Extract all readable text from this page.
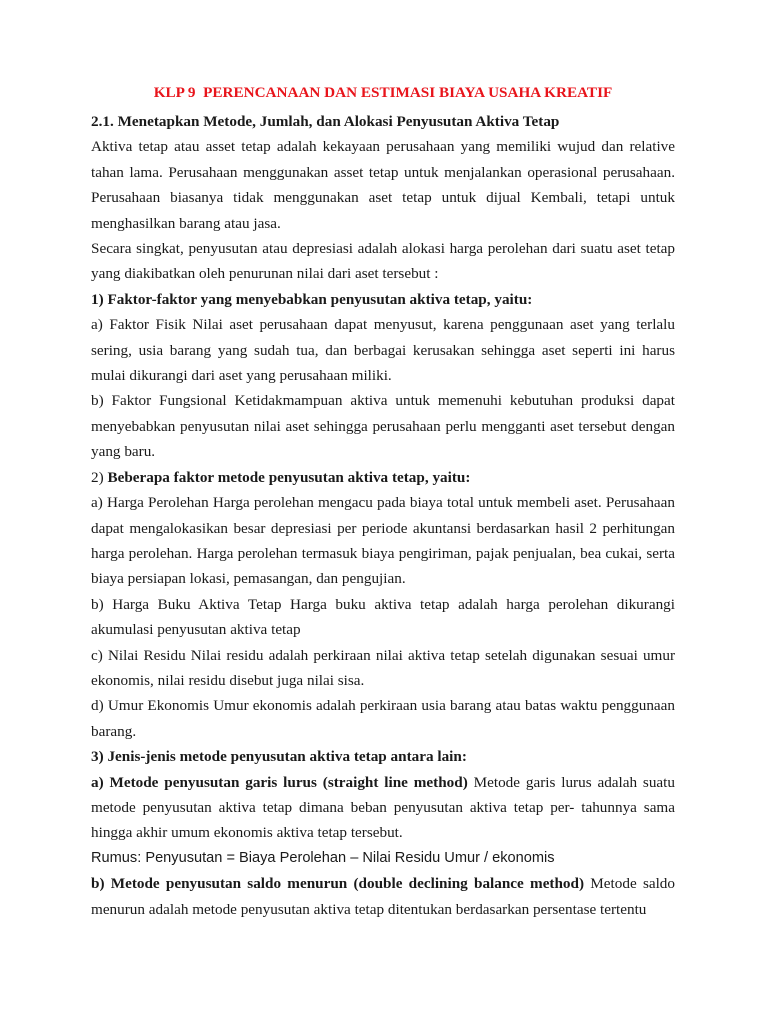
KLP 9  PERENCANAAN DAN ESTIMASI BIAYA USAHA KREATIF

2.1. Menetapkan Metode, Jumlah, dan Alokasi Penyusutan Aktiva Tetap

Aktiva tetap atau asset tetap adalah kekayaan perusahaan yang memiliki wujud dan relative tahan lama. Perusahaan menggunakan asset tetap untuk menjalankan operasional perusahaan. Perusahaan biasanya tidak menggunakan aset tetap untuk dijual Kembali, tetapi untuk menghasilkan barang atau jasa.

Secara singkat, penyusutan atau depresiasi adalah alokasi harga perolehan dari suatu aset tetap yang diakibatkan oleh penurunan nilai dari aset tersebut :

1) Faktor-faktor yang menyebabkan penyusutan aktiva tetap, yaitu:

a) Faktor Fisik Nilai aset perusahaan dapat menyusut, karena penggunaan aset yang terlalu sering, usia barang yang sudah tua, dan berbagai kerusakan sehingga aset seperti ini harus mulai dikurangi dari aset yang perusahaan miliki.

b) Faktor Fungsional Ketidakmampuan aktiva untuk memenuhi kebutuhan produksi dapat menyebabkan penyusutan nilai aset sehingga perusahaan perlu mengganti aset tersebut dengan yang baru.

2) Beberapa faktor metode penyusutan aktiva tetap, yaitu:

a) Harga Perolehan Harga perolehan mengacu pada biaya total untuk membeli aset. Perusahaan dapat mengalokasikan besar depresiasi per periode akuntansi berdasarkan hasil 2 perhitungan harga perolehan. Harga perolehan termasuk biaya pengiriman, pajak penjualan, bea cukai, serta biaya persiapan lokasi, pemasangan, dan pengujian.

b) Harga Buku Aktiva Tetap Harga buku aktiva tetap adalah harga perolehan dikurangi akumulasi penyusutan aktiva tetap

c) Nilai Residu Nilai residu adalah perkiraan nilai aktiva tetap setelah digunakan sesuai umur ekonomis, nilai residu disebut juga nilai sisa.

d) Umur Ekonomis Umur ekonomis adalah perkiraan usia barang atau batas waktu penggunaan barang.

3) Jenis-jenis metode penyusutan aktiva tetap antara lain:

a) Metode penyusutan garis lurus (straight line method) Metode garis lurus adalah suatu metode penyusutan aktiva tetap dimana beban penyusutan aktiva tetap per- tahunnya sama hingga akhir umum ekonomis aktiva tetap tersebut.

Rumus: Penyusutan = Biaya Perolehan – Nilai Residu Umur / ekonomis

b) Metode penyusutan saldo menurun (double declining balance method) Metode saldo menurun adalah metode penyusutan aktiva tetap ditentukan berdasarkan persentase tertentu
